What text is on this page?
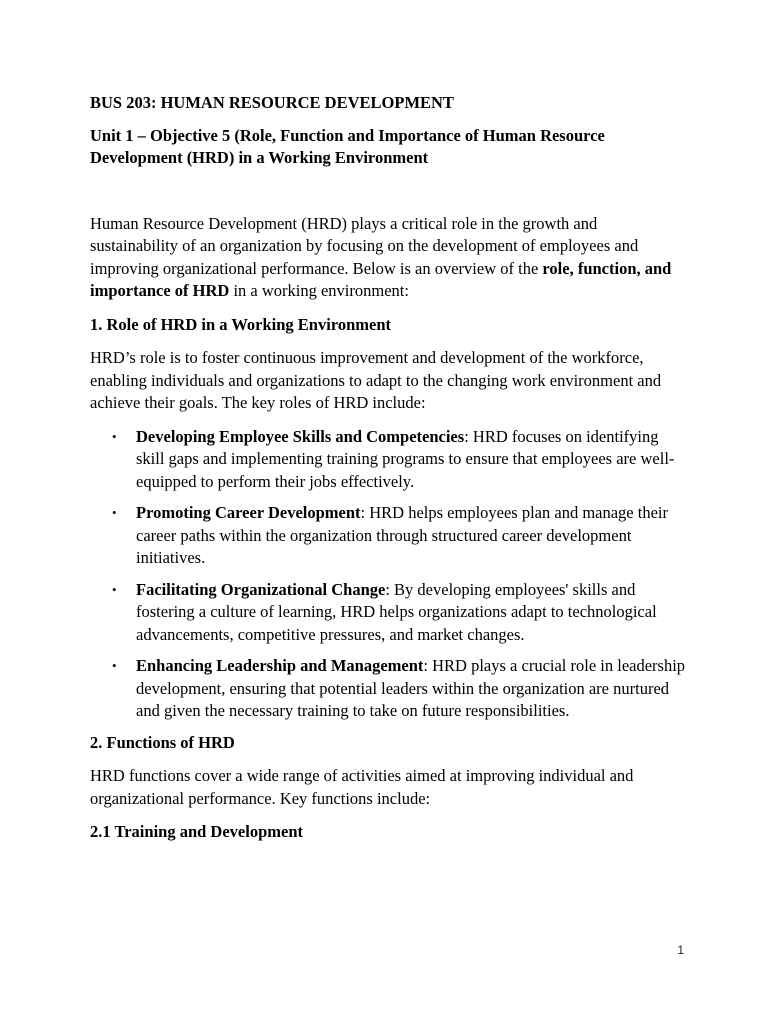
BUS 203: HUMAN RESOURCE DEVELOPMENT

Unit 1 – Objective 5 (Role, Function and Importance of Human Resource Development (HRD) in a Working Environment

Human Resource Development (HRD) plays a critical role in the growth and sustainability of an organization by focusing on the development of employees and improving organizational performance. Below is an overview of the role, function, and importance of HRD in a working environment:

1. Role of HRD in a Working Environment

HRD’s role is to foster continuous improvement and development of the workforce, enabling individuals and organizations to adapt to the changing work environment and achieve their goals. The key roles of HRD include:

• Developing Employee Skills and Competencies: HRD focuses on identifying skill gaps and implementing training programs to ensure that employees are well-equipped to perform their jobs effectively.
• Promoting Career Development: HRD helps employees plan and manage their career paths within the organization through structured career development initiatives.
• Facilitating Organizational Change: By developing employees' skills and fostering a culture of learning, HRD helps organizations adapt to technological advancements, competitive pressures, and market changes.
• Enhancing Leadership and Management: HRD plays a crucial role in leadership development, ensuring that potential leaders within the organization are nurtured and given the necessary training to take on future responsibilities.

2. Functions of HRD

HRD functions cover a wide range of activities aimed at improving individual and organizational performance. Key functions include:

2.1 Training and Development

1
